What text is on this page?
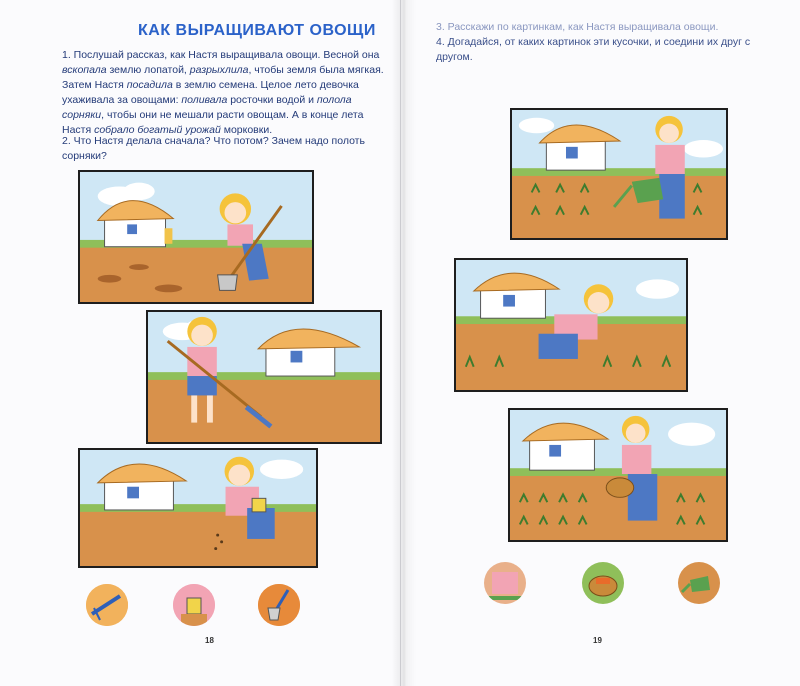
КАК ВЫРАЩИВАЮТ ОВОЩИ
1. Послушай рассказ, как Настя выращивала овощи. Весной она вскопала землю лопатой, разрыхлила, чтобы земля была мягкая. Затем Настя посадила в землю семена. Целое лето девочка ухаживала за овощами: поливала росточки водой и полола сорняки, чтобы они не мешали расти овощам. А в конце лета Настя собрало богатый урожай морковки.
2. Что Настя делала сначала? Что потом? Зачем надо полоть сорняки?
18
3. Расскажи по картинкам, как Настя выращивала овощи.
4. Догадайся, от каких картинок эти кусочки, и соедини их друг с другом.
19
